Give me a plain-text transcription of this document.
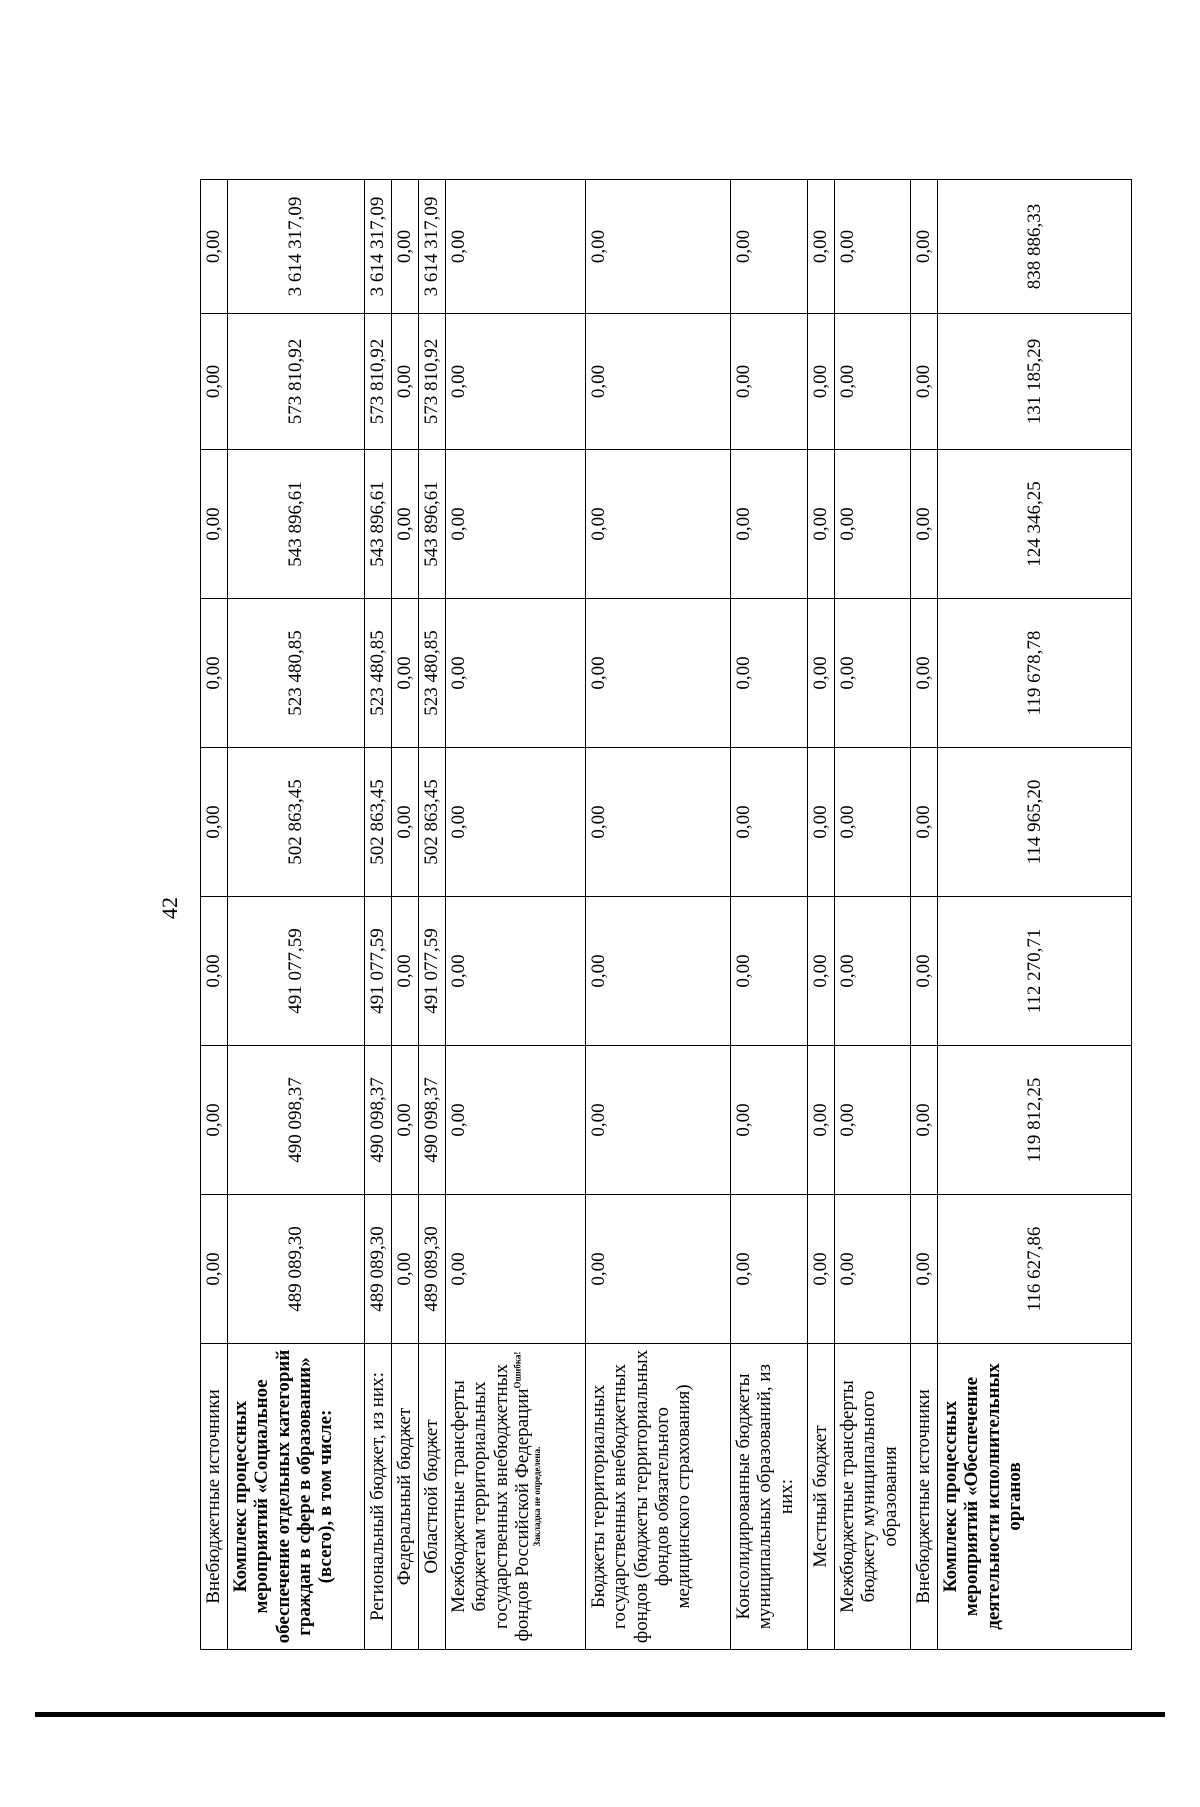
42
Внебюджетные источники	0,00	0,00	0,00	0,00	0,00	0,00	0,00	0,00
Комплекс процессных мероприятий «Социальное обеспечение отдельных категорий граждан в сфере в образовании» (всего), в том числе:	489 089,30	490 098,37	491 077,59	502 863,45	523 480,85	543 896,61	573 810,92	3 614 317,09
Региональный бюджет, из них:	489 089,30	490 098,37	491 077,59	502 863,45	523 480,85	543 896,61	573 810,92	3 614 317,09
Федеральный бюджет	0,00	0,00	0,00	0,00	0,00	0,00	0,00	0,00
Областной бюджет	489 089,30	490 098,37	491 077,59	502 863,45	523 480,85	543 896,61	573 810,92	3 614 317,09
Межбюджетные трансферты бюджетам территориальных государственных внебюджетных фондов Российской Федерации$^{Ошибка!}$
Закладка не определена.	0,00	0,00	0,00	0,00	0,00	0,00	0,00	0,00
Бюджеты территориальных государственных внебюджетных фондов (бюджеты территориальных фондов обязательного медицинского страхования)	0,00	0,00	0,00	0,00	0,00	0,00	0,00	0,00
Консолидированные бюджеты муниципальных образований, из них:	0,00	0,00	0,00	0,00	0,00	0,00	0,00	0,00
Местный бюджет	0,00	0,00	0,00	0,00	0,00	0,00	0,00	0,00
Межбюджетные трансферты бюджету муниципального образования	0,00	0,00	0,00	0,00	0,00	0,00	0,00	0,00
Внебюджетные источники	0,00	0,00	0,00	0,00	0,00	0,00	0,00	0,00
Комплекс процессных мероприятий «Обеспечение деятельности исполнительных органов	116 627,86	119 812,25	112 270,71	114 965,20	119 678,78	124 346,25	131 185,29	838 886,33
